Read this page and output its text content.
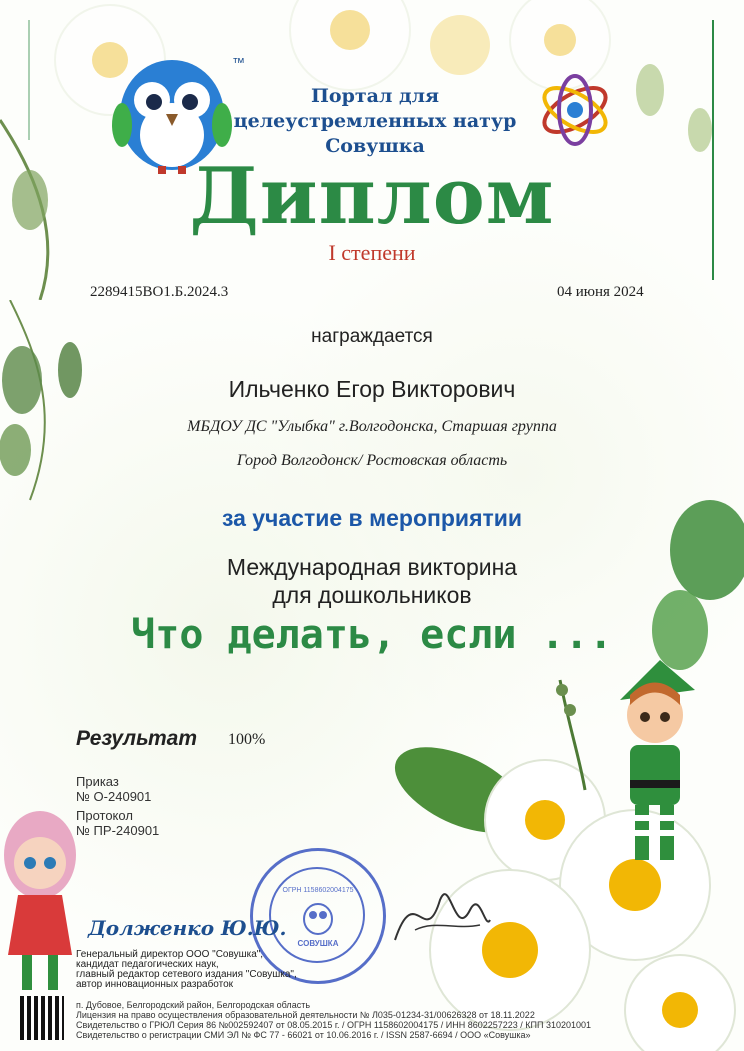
™
Портал для
целеустремленных натур
Совушка
Диплом
I степени
2289415ВО1.Б.2024.3	04 июня 2024
награждается
Ильченко Егор Викторович
МБДОУ ДС "Улыбка" г.Волгодонска, Старшая группа
Город Волгодонск/ Ростовская область
за участие в мероприятии
Международная викторина
для дошкольников
Что делать, если ...
Результат 100%
Приказ
№ О-240901
Протокол
№ ПР-240901
ОГРН 1158602004175
СОВУШКА
Долженко Ю.Ю.
Генеральный директор ООО "Совушка",
кандидат педагогических наук,
главный редактор сетевого издания "Совушка",
автор инновационных разработок
п. Дубовое, Белгородский район, Белгородская область
Лицензия на право осуществления образовательной деятельности № Л035-01234-31/00626328 от 18.11.2022
Свидетельство о ГРЮЛ Серия 86 №002592407 от 08.05.2015 г. / ОГРН 1158602004175 / ИНН 8602257223 / КПП 310201001
Свидетельство о регистрации СМИ ЭЛ № ФС 77 - 66021 от 10.06.2016 г. / ISSN 2587-6694 / ООО «Совушка»
